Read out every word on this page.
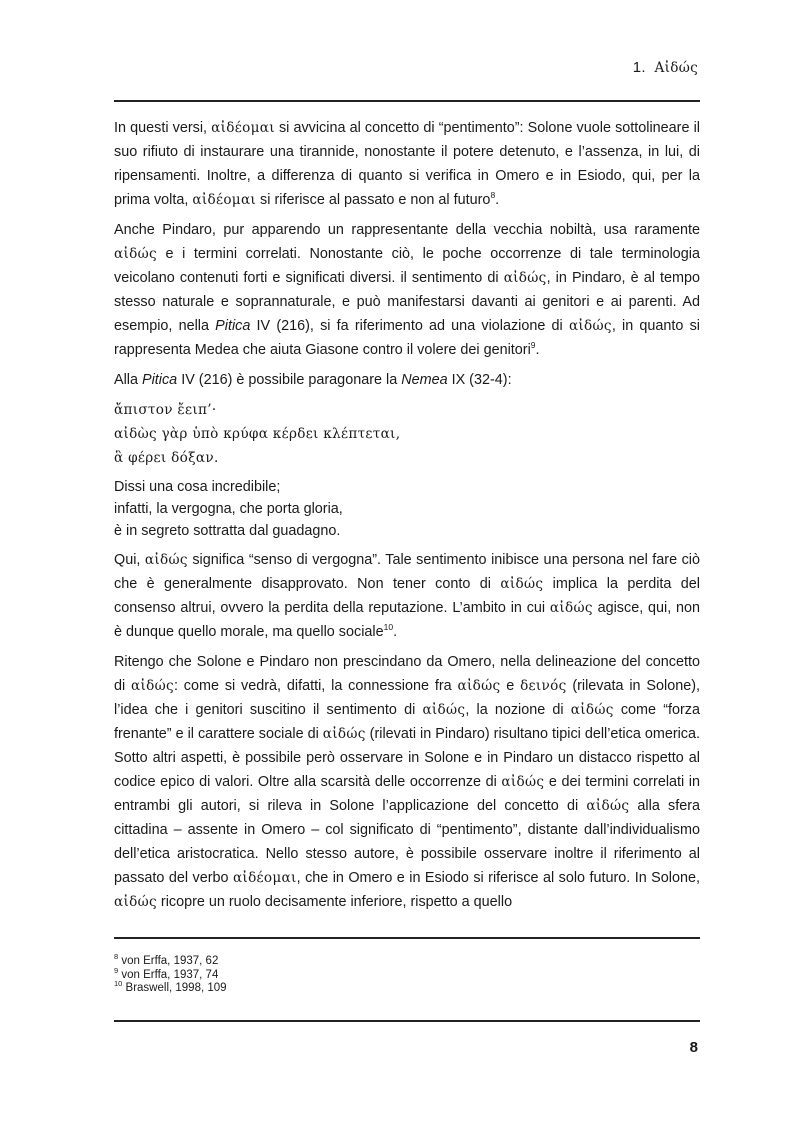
1. Αἰδώς

In questi versi, αἰδέομαι si avvicina al concetto di “pentimento”: Solone vuole sottolineare il suo rifiuto di instaurare una tirannide, nonostante il potere detenuto, e l’assenza, in lui, di ripensamenti. Inoltre, a differenza di quanto si verifica in Omero e in Esiodo, qui, per la prima volta, αἰδέομαι si riferisce al passato e non al futuro$^8$.

Anche Pindaro, pur apparendo un rappresentante della vecchia nobiltà, usa raramente αἰδώς e i termini correlati. Nonostante ciò, le poche occorrenze di tale terminologia veicolano contenuti forti e significati diversi. il sentimento di αἰδώς, in Pindaro, è al tempo stesso naturale e soprannaturale, e può manifestarsi davanti ai genitori e ai parenti. Ad esempio, nella Pitica IV (216), si fa riferimento ad una violazione di αἰδώς, in quanto si rappresenta Medea che aiuta Giasone contro il volere dei genitori$^9$.

Alla Pitica IV (216) è possibile paragonare la Nemea IX (32-4):

ἄπιστον ἔειπ’·
αἰδὼς γὰρ ὑπὸ κρύφα κέρδει κλέπτεται,
ἃ φέρει δόξαν.
Dissi una cosa incredibile;
infatti, la vergogna, che porta gloria,
è in segreto sottratta dal guadagno.

Qui, αἰδώς significa “senso di vergogna”. Tale sentimento inibisce una persona nel fare ciò che è generalmente disapprovato. Non tener conto di αἰδώς implica la perdita del consenso altrui, ovvero la perdita della reputazione. L’ambito in cui αἰδώς agisce, qui, non è dunque quello morale, ma quello sociale$^{10}$.

Ritengo che Solone e Pindaro non prescindano da Omero, nella delineazione del concetto di αἰδώς: come si vedrà, difatti, la connessione fra αἰδώς e δεινός (rilevata in Solone), l’idea che i genitori suscitino il sentimento di αἰδώς, la nozione di αἰδώς come “forza frenante” e il carattere sociale di αἰδώς (rilevati in Pindaro) risultano tipici dell’etica omerica. Sotto altri aspetti, è possibile però osservare in Solone e in Pindaro un distacco rispetto al codice epico di valori. Oltre alla scarsità delle occorrenze di αἰδώς e dei termini correlati in entrambi gli autori, si rileva in Solone l’applicazione del concetto di αἰδώς alla sfera cittadina – assente in Omero – col significato di “pentimento”, distante dall’individualismo dell’etica aristocratica. Nello stesso autore, è possibile osservare inoltre il riferimento al passato del verbo αἰδέομαι, che in Omero e in Esiodo si riferisce al solo futuro. In Solone, αἰδώς ricopre un ruolo decisamente inferiore, rispetto a quello

$^8$ von Erffa, 1937, 62
$^9$ von Erffa, 1937, 74
$^{10}$ Braswell, 1998, 109
8
